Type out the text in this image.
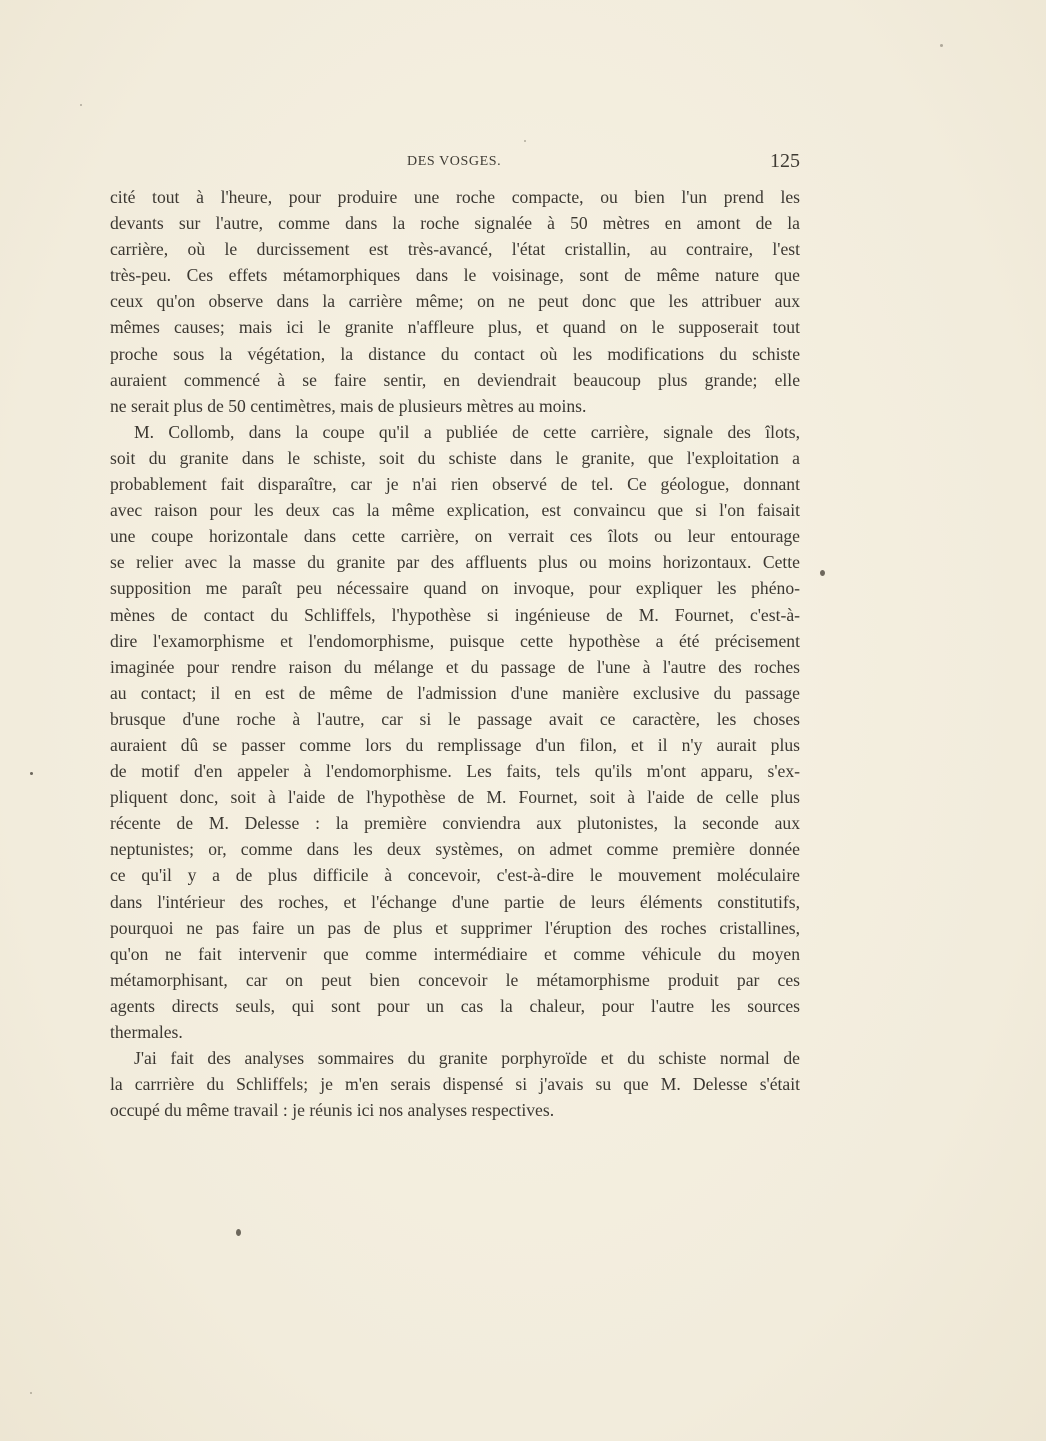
DES VOSGES.	125
cité tout à l'heure, pour produire une roche compacte, ou bien l'un prend les
devants sur l'autre, comme dans la roche signalée à 50 mètres en amont de la
carrière, où le durcissement est très-avancé, l'état cristallin, au contraire, l'est
très-peu. Ces effets métamorphiques dans le voisinage, sont de même nature que
ceux qu'on observe dans la carrière même; on ne peut donc que les attribuer aux
mêmes causes; mais ici le granite n'affleure plus, et quand on le supposerait tout
proche sous la végétation, la distance du contact où les modifications du schiste
auraient commencé à se faire sentir, en deviendrait beaucoup plus grande; elle
ne serait plus de 50 centimètres, mais de plusieurs mètres au moins.
M. Collomb, dans la coupe qu'il a publiée de cette carrière, signale des îlots,
soit du granite dans le schiste, soit du schiste dans le granite, que l'exploitation a
probablement fait disparaître, car je n'ai rien observé de tel. Ce géologue, donnant
avec raison pour les deux cas la même explication, est convaincu que si l'on faisait
une coupe horizontale dans cette carrière, on verrait ces îlots ou leur entourage
se relier avec la masse du granite par des affluents plus ou moins horizontaux. Cette
supposition me paraît peu nécessaire quand on invoque, pour expliquer les phéno-
mènes de contact du Schliffels, l'hypothèse si ingénieuse de M. Fournet, c'est-à-
dire l'examorphisme et l'endomorphisme, puisque cette hypothèse a été précisement
imaginée pour rendre raison du mélange et du passage de l'une à l'autre des roches
au contact; il en est de même de l'admission d'une manière exclusive du passage
brusque d'une roche à l'autre, car si le passage avait ce caractère, les choses
auraient dû se passer comme lors du remplissage d'un filon, et il n'y aurait plus
de motif d'en appeler à l'endomorphisme. Les faits, tels qu'ils m'ont apparu, s'ex-
pliquent donc, soit à l'aide de l'hypothèse de M. Fournet, soit à l'aide de celle plus
récente de M. Delesse : la première conviendra aux plutonistes, la seconde aux
neptunistes; or, comme dans les deux systèmes, on admet comme première donnée
ce qu'il y a de plus difficile à concevoir, c'est-à-dire le mouvement moléculaire
dans l'intérieur des roches, et l'échange d'une partie de leurs éléments constitutifs,
pourquoi ne pas faire un pas de plus et supprimer l'éruption des roches cristallines,
qu'on ne fait intervenir que comme intermédiaire et comme véhicule du moyen
métamorphisant, car on peut bien concevoir le métamorphisme produit par ces
agents directs seuls, qui sont pour un cas la chaleur, pour l'autre les sources
thermales.
J'ai fait des analyses sommaires du granite porphyroïde et du schiste normal de
la carrrière du Schliffels; je m'en serais dispensé si j'avais su que M. Delesse s'était
occupé du même travail : je réunis ici nos analyses respectives.
